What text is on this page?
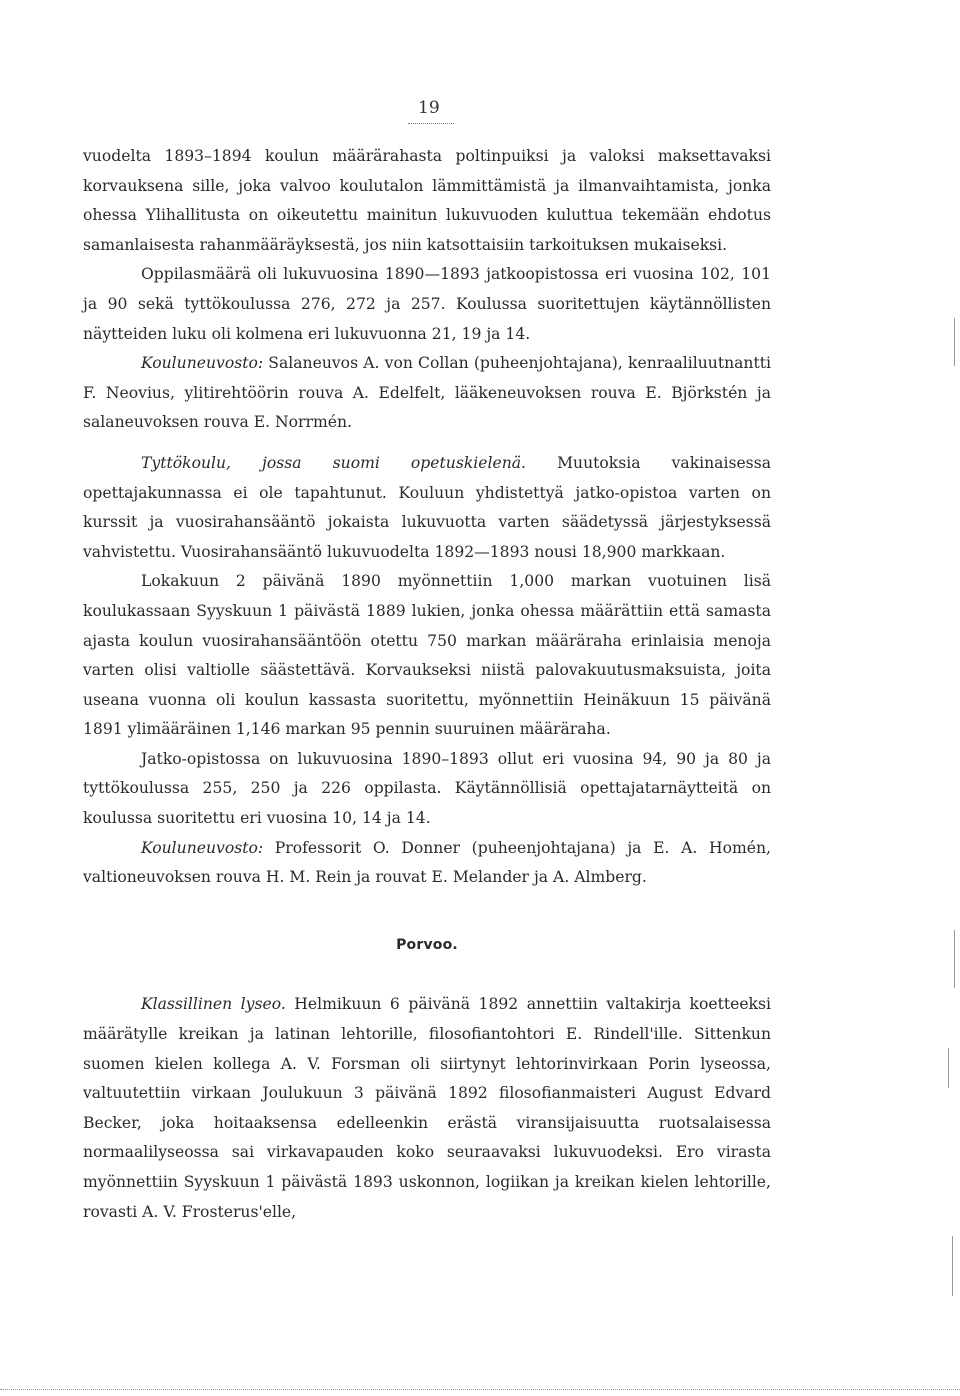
19

vuodelta 1893–1894 koulun määrärahasta poltinpuiksi ja valoksi maksettavaksi korvauksena sille, joka valvoo koulutalon lämmittämistä ja ilmanvaihtamista, jonka ohessa Ylihallitusta on oikeutettu mainitun lukuvuoden kuluttua tekemään ehdotus samanlaisesta rahanmääräyksestä, jos niin katsottaisiin tarkoituksen mukaiseksi.

Oppilasmäärä oli lukuvuosina 1890—1893 jatkoopistossa eri vuosina 102, 101 ja 90 sekä tyttökoulussa 276, 272 ja 257. Koulussa suoritettujen käytännöllisten näytteiden luku oli kolmena eri lukuvuonna 21, 19 ja 14.

Kouluneuvosto: Salaneuvos A. von Collan (puheenjohtajana), kenraaliluutnantti F. Neovius, ylitirehtöörin rouva A. Edelfelt, lääkeneuvoksen rouva E. Björkstén ja salaneuvoksen rouva E. Norrmén.

Tyttökoulu, jossa suomi opetuskielenä. Muutoksia vakinaisessa opettajakunnassa ei ole tapahtunut. Kouluun yhdistettyä jatko-opistoa varten on kurssit ja vuosirahansääntö jokaista lukuvuotta varten säädetyssä järjestyksessä vahvistettu. Vuosirahansääntö lukuvuodelta 1892—1893 nousi 18,900 markkaan.

Lokakuun 2 päivänä 1890 myönnettiin 1,000 markan vuotuinen lisä koulukassaan Syyskuun 1 päivästä 1889 lukien, jonka ohessa määrättiin että samasta ajasta koulun vuosirahansääntöön otettu 750 markan määräraha erinlaisia menoja varten olisi valtiolle säästettävä. Korvaukseksi niistä palovakuutusmaksuista, joita useana vuonna oli koulun kassasta suoritettu, myönnettiin Heinäkuun 15 päivänä 1891 ylimääräinen 1,146 markan 95 pennin suuruinen määräraha.

Jatko-opistossa on lukuvuosina 1890–1893 ollut eri vuosina 94, 90 ja 80 ja tyttökoulussa 255, 250 ja 226 oppilasta. Käytännöllisiä opettajatarnäytteitä on koulussa suoritettu eri vuosina 10, 14 ja 14.

Kouluneuvosto: Professorit O. Donner (puheenjohtajana) ja E. A. Homén, valtioneuvoksen rouva H. M. Rein ja rouvat E. Melander ja A. Almberg.

Porvoo.

Klassillinen lyseo. Helmikuun 6 päivänä 1892 annettiin valtakirja koetteeksi määrätylle kreikan ja latinan lehtorille, filosofiantohtori E. Rindell'ille. Sittenkun suomen kielen kollega A. V. Forsman oli siirtynyt lehtorinvirkaan Porin lyseossa, valtuutettiin virkaan Joulukuun 3 päivänä 1892 filosofianmaisteri August Edvard Becker, joka hoitaaksensa edelleenkin erästä viransijaisuutta ruotsalaisessa normaalilyseossa sai virkavapauden koko seuraavaksi lukuvuodeksi. Ero virasta myönnettiin Syyskuun 1 päivästä 1893 uskonnon, logiikan ja kreikan kielen lehtorille, rovasti A. V. Frosterus'elle,
